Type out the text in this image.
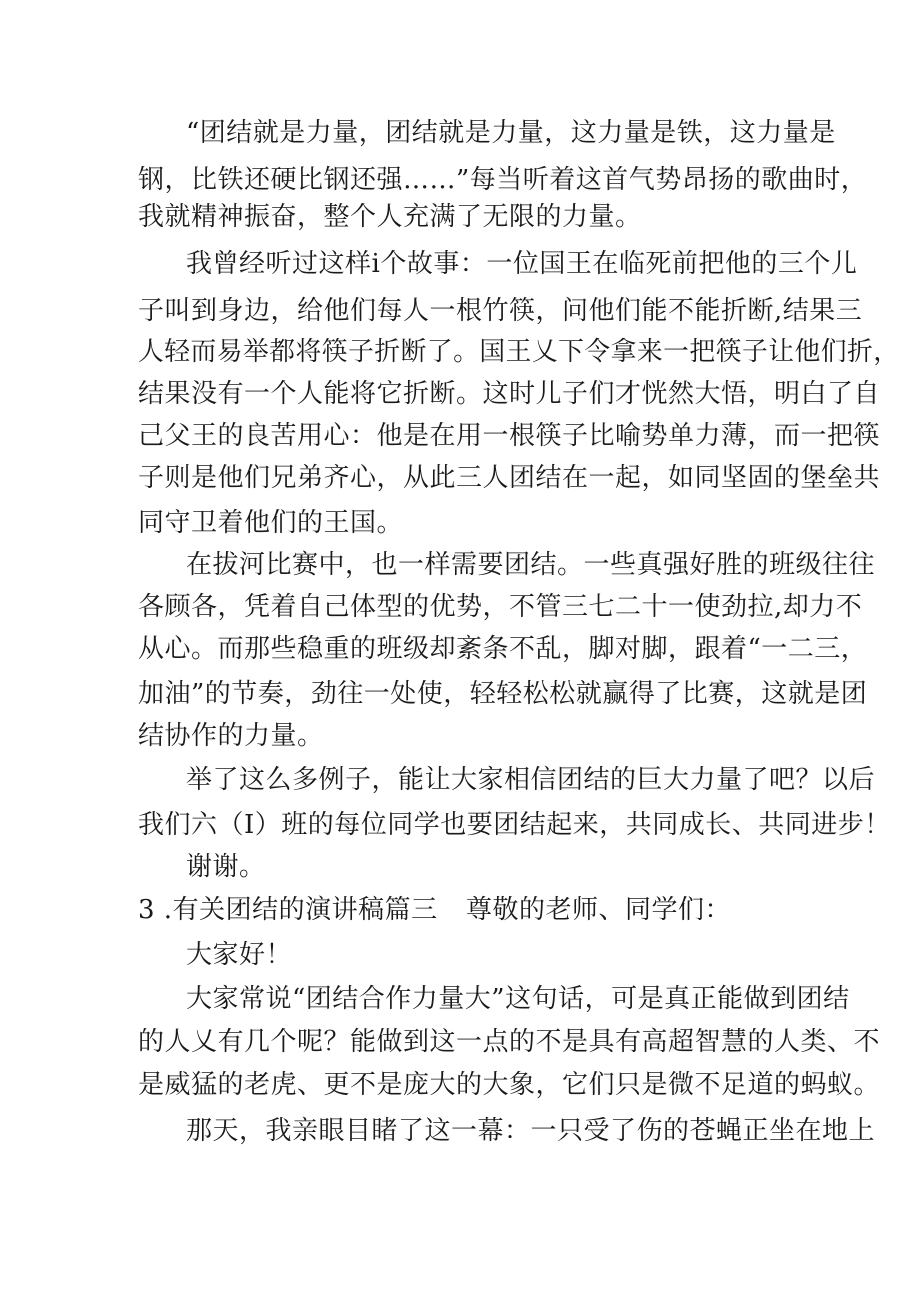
“团结就是力量，团结就是力量，这力量是铁，这力量是
钢，比铁还硬比钢还强……”每当听着这首气势昂扬的歌曲时，
我就精神振奋，整个人充满了无限的力量。
我曾经听过这样i个故事：一位国王在临死前把他的三个儿
子叫到身边，给他们每人一根竹筷，问他们能不能折断,结果三
人轻而易举都将筷子折断了。国王乂下令拿来一把筷子让他们折，
结果没有一个人能将它折断。这时儿子们才恍然大悟，明白了自
己父王的良苦用心：他是在用一根筷子比喻势单力薄，而一把筷
子则是他们兄弟齐心，从此三人团结在一起，如同坚固的堡垒共
同守卫着他们的王国。
在拔河比赛中，也一样需要团结。一些真强好胜的班级往往
各顾各，凭着自己体型的优势，不管三七二十一使劲拉,却力不
从心。而那些稳重的班级却紊条不乱，脚对脚，跟着“一二三，
加油”的节奏，劲往一处使，轻轻松松就赢得了比赛，这就是团
结协作的力量。
举了这么多例子，能让大家相信团结的巨大力量了吧？以后
我们六（I）班的每位同学也要团结起来，共同成长、共同进步！
谢谢。
3 .有关团结的演讲稿篇三 尊敬的老师、同学们：
大家好！
大家常说“团结合作力量大”这句话，可是真正能做到团结
的人乂有几个呢？能做到这一点的不是具有高超智慧的人类、不
是威猛的老虎、更不是庞大的大象，它们只是微不足道的蚂蚁。
那天，我亲眼目睹了这一幕：一只受了伤的苍蝇正坐在地上
